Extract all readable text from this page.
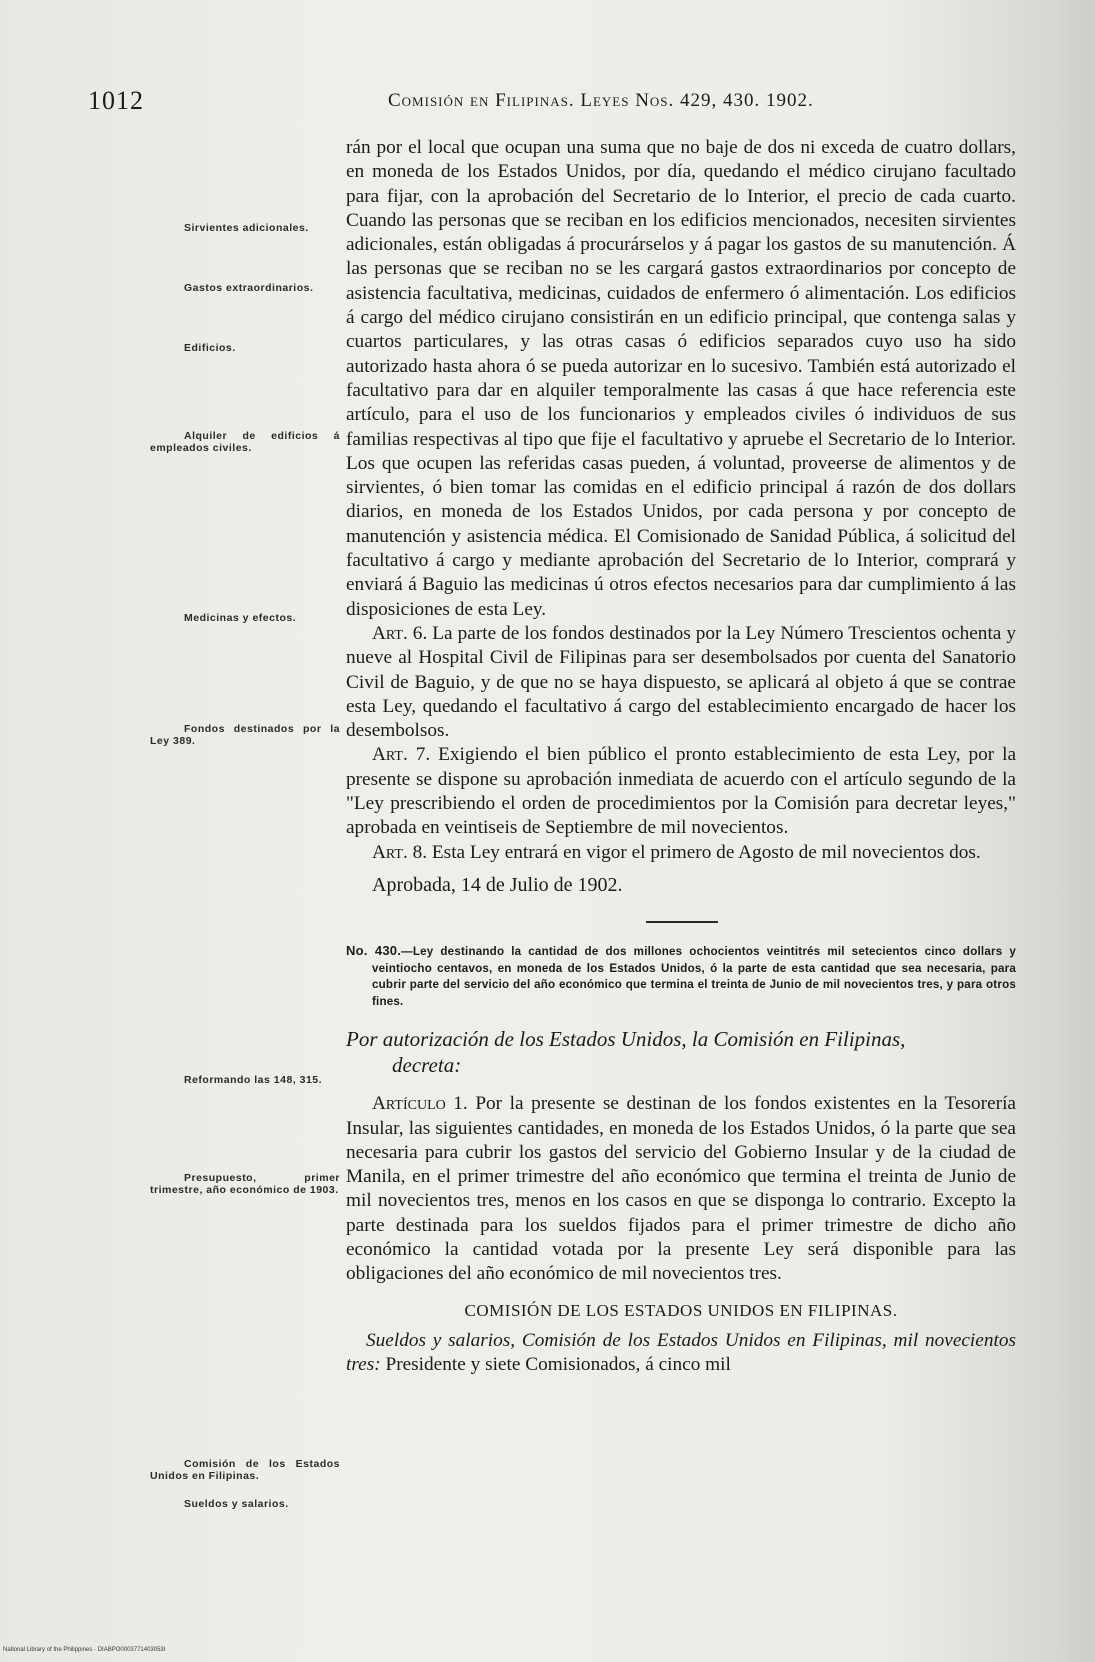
1012	Comisión en Filipinas. Leyes Nos. 429, 430. 1902.
Sirvientes adicionales.
Gastos extraordinarios.
Edificios.
Alquiler de edificios á empleados civiles.
Medicinas y efectos.
Fondos destinados por la Ley 389.
Reformando las 148, 315.
Presupuesto, primer trimestre, año económico de 1903.
Comisión de los Estados Unidos en Filipinas.
Sueldos y salarios.

rán por el local que ocupan una suma que no baje de dos ni exceda de cuatro dollars, en moneda de los Estados Unidos, por día, quedando el médico cirujano facultado para fijar, con la aprobación del Secretario de lo Interior, el precio de cada cuarto. Cuando las personas que se reciban en los edificios mencionados, necesiten sirvientes adicionales, están obligadas á procurárselos y á pagar los gastos de su manutención. Á las personas que se reciban no se les cargará gastos extraordinarios por concepto de asistencia facultativa, medicinas, cuidados de enfermero ó alimentación. Los edificios á cargo del médico cirujano consistirán en un edificio principal, que contenga salas y cuartos particulares, y las otras casas ó edificios separados cuyo uso ha sido autorizado hasta ahora ó se pueda autorizar en lo sucesivo. También está autorizado el facultativo para dar en alquiler temporalmente las casas á que hace referencia este artículo, para el uso de los funcionarios y empleados civiles ó individuos de sus familias respectivas al tipo que fije el facultativo y apruebe el Secretario de lo Interior. Los que ocupen las referidas casas pueden, á voluntad, proveerse de alimentos y de sirvientes, ó bien tomar las comidas en el edificio principal á razón de dos dollars diarios, en moneda de los Estados Unidos, por cada persona y por concepto de manutención y asistencia médica. El Comisionado de Sanidad Pública, á solicitud del facultativo á cargo y mediante aprobación del Secretario de lo Interior, comprará y enviará á Baguio las medicinas ú otros efectos necesarios para dar cumplimiento á las disposiciones de esta Ley.

Art. 6. La parte de los fondos destinados por la Ley Número Trescientos ochenta y nueve al Hospital Civil de Filipinas para ser desembolsados por cuenta del Sanatorio Civil de Baguio, y de que no se haya dispuesto, se aplicará al objeto á que se contrae esta Ley, quedando el facultativo á cargo del establecimiento encargado de hacer los desembolsos.

Art. 7. Exigiendo el bien público el pronto establecimiento de esta Ley, por la presente se dispone su aprobación inmediata de acuerdo con el artículo segundo de la "Ley prescribiendo el orden de procedimientos por la Comisión para decretar leyes," aprobada en veintiseis de Septiembre de mil novecientos.

Art. 8. Esta Ley entrará en vigor el primero de Agosto de mil novecientos dos.

Aprobada, 14 de Julio de 1902.

No. 430.—Ley destinando la cantidad de dos millones ochocientos veintitrés mil setecientos cinco dollars y veintiocho centavos, en moneda de los Estados Unidos, ó la parte de esta cantidad que sea necesaria, para cubrir parte del servicio del año económico que termina el treinta de Junio de mil novecientos tres, y para otros fines.

Por autorización de los Estados Unidos, la Comisión en Filipinas,
decreta:

Artículo 1. Por la presente se destinan de los fondos existentes en la Tesorería Insular, las siguientes cantidades, en moneda de los Estados Unidos, ó la parte que sea necesaria para cubrir los gastos del servicio del Gobierno Insular y de la ciudad de Manila, en el primer trimestre del año económico que termina el treinta de Junio de mil novecientos tres, menos en los casos en que se disponga lo contrario. Excepto la parte destinada para los sueldos fijados para el primer trimestre de dicho año económico la cantidad votada por la presente Ley será disponible para las obligaciones del año económico de mil novecientos tres.

COMISIÓN DE LOS ESTADOS UNIDOS EN FILIPINAS.

Sueldos y salarios, Comisión de los Estados Unidos en Filipinas, mil novecientos tres: Presidente y siete Comisionados, á cinco mil

National Library of the Philippines · DIABPO0003771403053I
